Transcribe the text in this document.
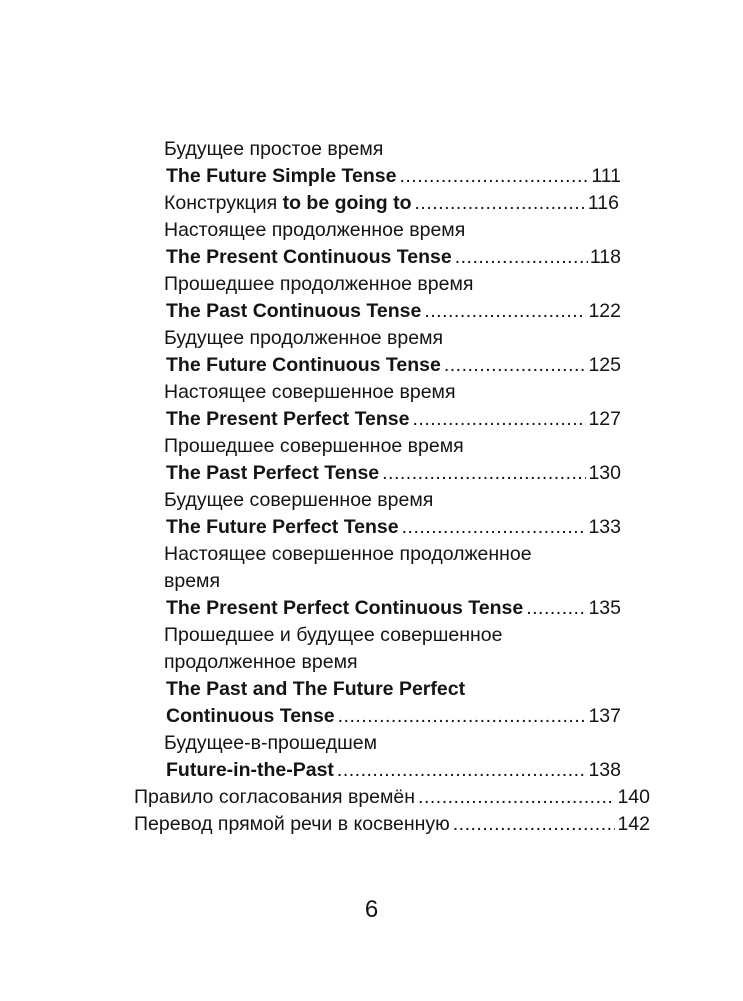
Будущее простое время
The Future Simple Tense .....	111
Конструкция to be going to .....	116
Настоящее продолженное время
The Present Continuous Tense .....	118
Прошедшее продолженное время
The Past Continuous Tense .....	122
Будущее продолженное время
The Future Continuous Tense .....	125
Настоящее совершенное время
The Present Perfect Tense .....	127
Прошедшее совершенное время
The Past Perfect Tense .....	130
Будущее совершенное время
The Future Perfect Tense .....	133
Настоящее совершенное продолженное
время
The Present Perfect Continuous Tense .....	135
Прошедшее и будущее совершенное
продолженное время
The Past and The Future Perfect
Continuous Tense .....	137
Будущее-в-прошедшем
Future-in-the-Past .....	138
Правило согласования времён .....	140
Перевод прямой речи в косвенную .....	142
6
